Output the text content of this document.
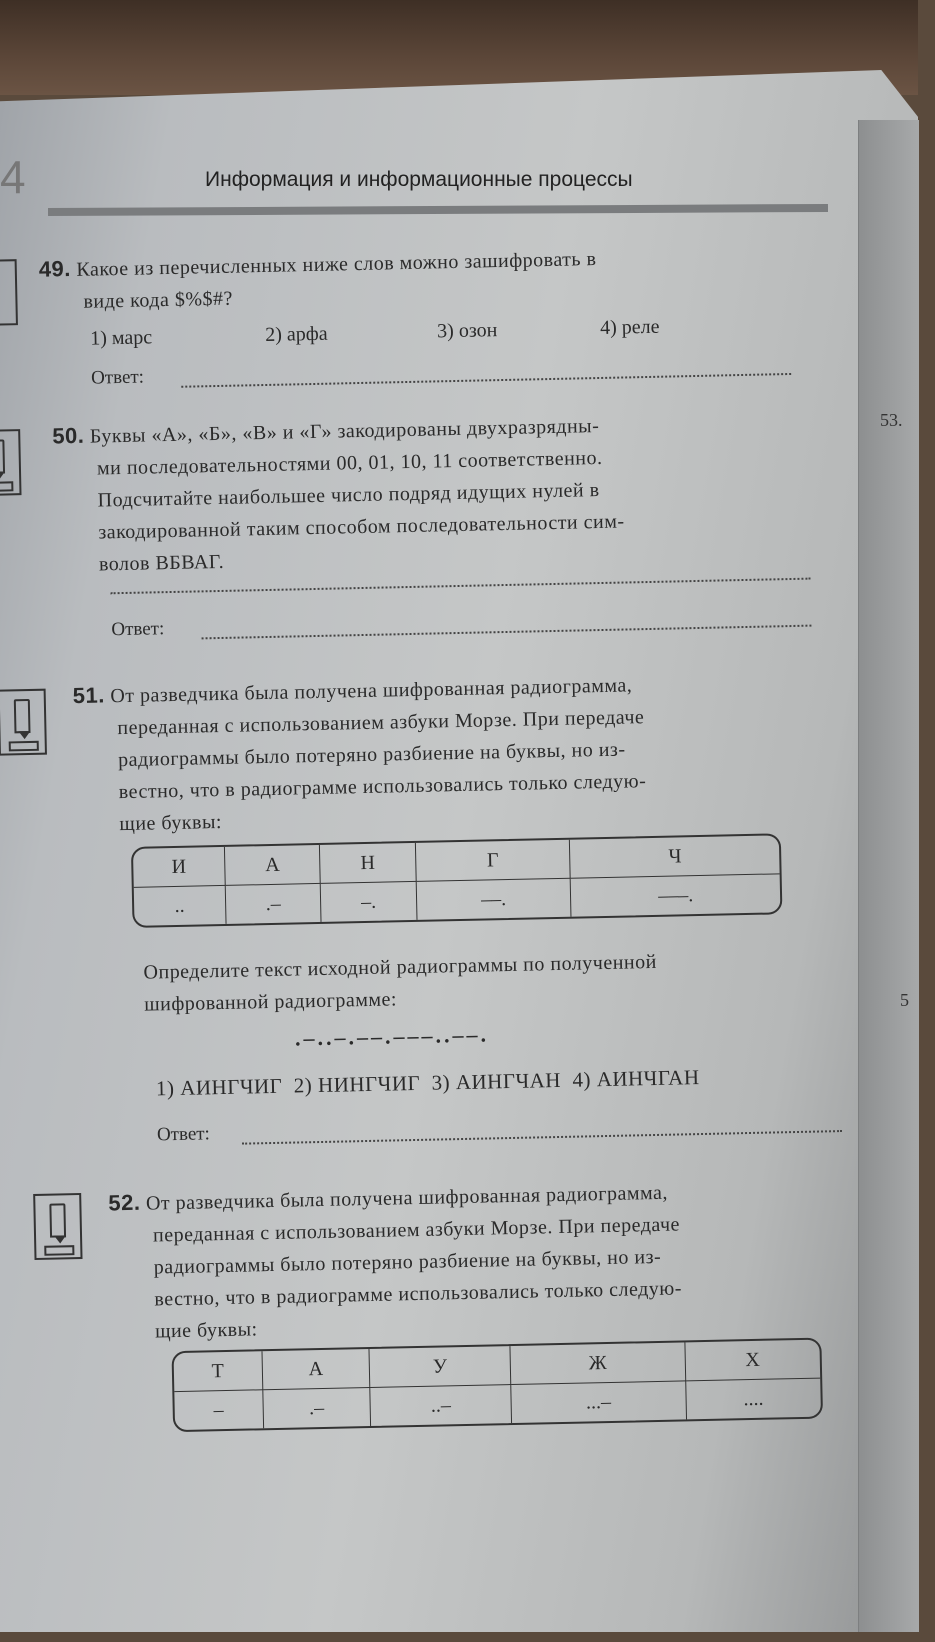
53.
5
4	Информация и информационные процессы
49. Какое из перечисленных ниже слов можно зашифровать в
виде кода $%$#?
1) марс	2) арфа	3) озон	4) реле
Ответ:
50. Буквы «А», «Б», «В» и «Г» закодированы двухразрядны-
ми последовательностями 00, 01, 10, 11 соответственно.
Подсчитайте наибольшее число подряд идущих нулей в
закодированной таким способом последовательности сим-
волов ВБВАГ.
Ответ:
51. От разведчика была получена шифрованная радиограмма,
переданная с использованием азбуки Морзе. При передаче
радиограммы было потеряно разбиение на буквы, но из-
вестно, что в радиограмме использовались только следую-
щие буквы:
И	А	Н	Г	Ч
..	.–	–.	––.	–––.
Определите текст исходной радиограммы по полученной
шифрованной радиограмме:
.–..–.––.–––..––.
1) АИНГЧИГ 2) НИНГЧИГ 3) АИНГЧАН 4) АИНЧГАН
Ответ:
52. От разведчика была получена шифрованная радиограмма,
переданная с использованием азбуки Морзе. При передаче
радиограммы было потеряно разбиение на буквы, но из-
вестно, что в радиограмме использовались только следую-
щие буквы:
Т	А	У	Ж	Х
–	.–	..–	...–	....
